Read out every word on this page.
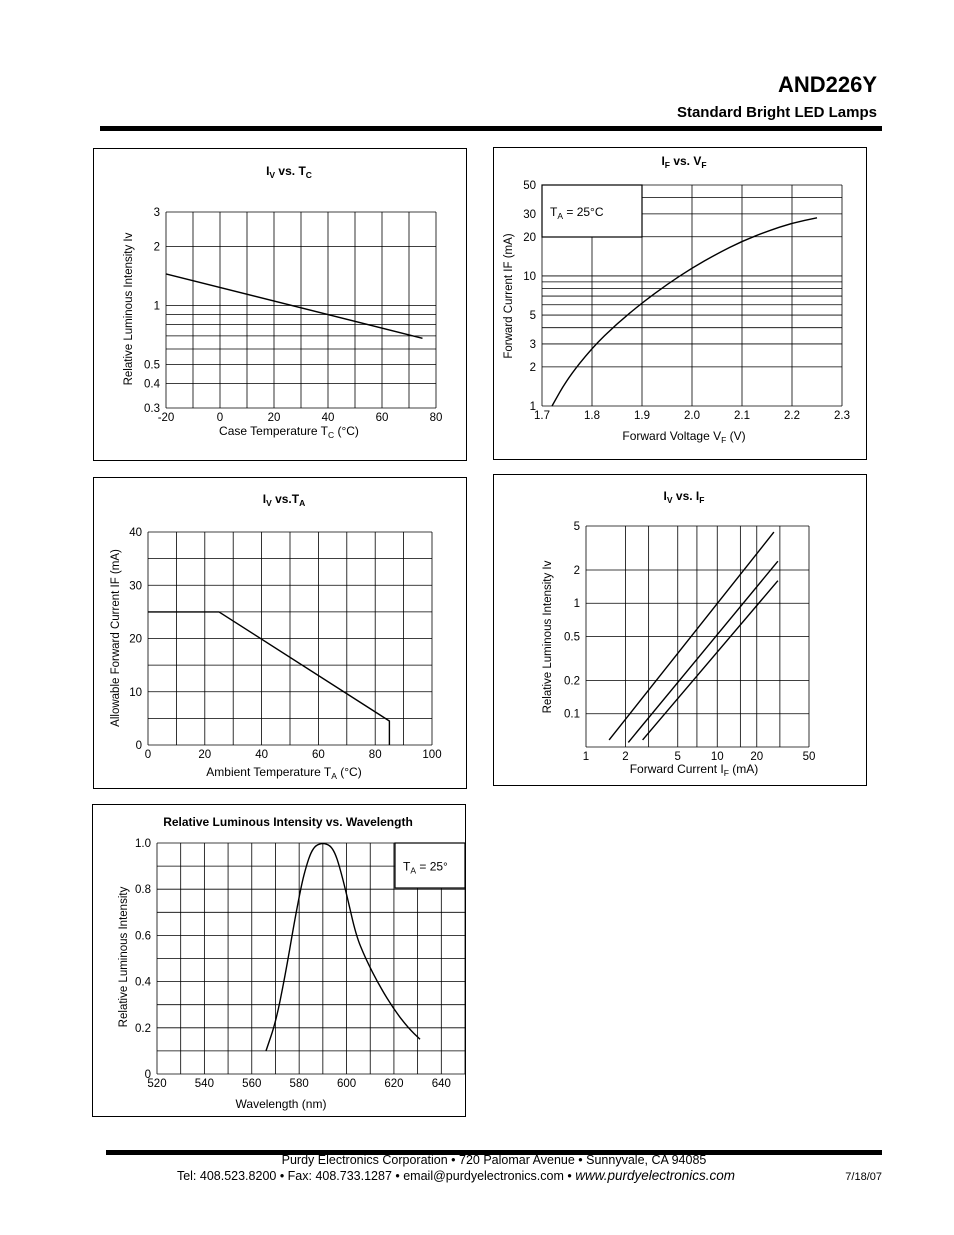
AND226Y
Standard Bright LED Lamps
-20	0	20	40	60	80
0.3
0.4
0.5
1
2
3
IV vs. TC
Case Temperature TC (°C)
Relative Luminous Intensity Iv
TA = 25°C
1.7	1.8	1.9	2.0	2.1	2.2	2.3
1
2
3
5
10
20
30
50
IF vs. VF
Forward Voltage VF (V)
Forward Current IF (mA)
0	20	40	60	80	100
0
10
20
30
40
IV vs.TA
Ambient Temperature TA (°C)
Allowable Forward Current IF (mA)
1	2	5	10 20	50
0.1
0.2
0.5
1
2
5
IV vs. IF
Forward Current IF (mA)
Relative Luminous Intensity Iv
TA = 25°
520 540 560 580 600 620 640
0
0.2
0.4
0.6
0.8
1.0
Relative Luminous Intensity vs. Wavelength
Wavelength (nm)
Relative Luminous Intensity
Purdy Electronics Corporation • 720 Palomar Avenue • Sunnyvale, CA 94085
Tel: 408.523.8200 • Fax: 408.733.1287 • email@purdyelectronics.com • www.purdyelectronics.com	7/18/07
